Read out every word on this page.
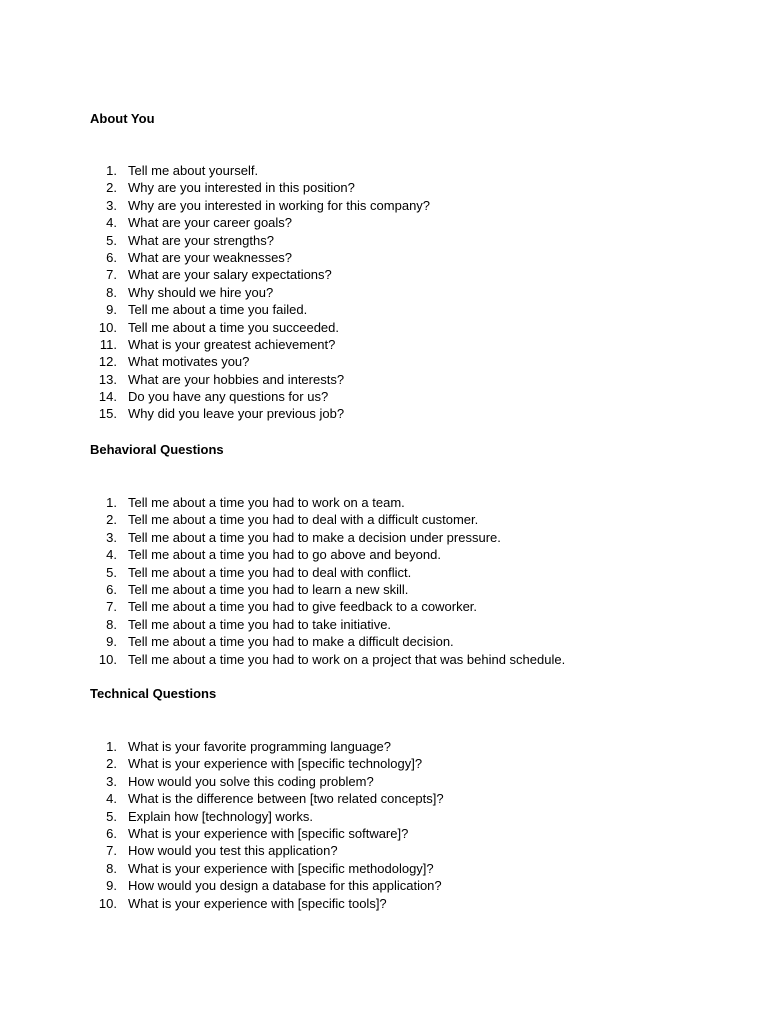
About You
1. Tell me about yourself.
2. Why are you interested in this position?
3. Why are you interested in working for this company?
4. What are your career goals?
5. What are your strengths?
6. What are your weaknesses?
7. What are your salary expectations?
8. Why should we hire you?
9. Tell me about a time you failed.
10. Tell me about a time you succeeded.
11. What is your greatest achievement?
12. What motivates you?
13. What are your hobbies and interests?
14. Do you have any questions for us?
15. Why did you leave your previous job?
Behavioral Questions
1. Tell me about a time you had to work on a team.
2. Tell me about a time you had to deal with a difficult customer.
3. Tell me about a time you had to make a decision under pressure.
4. Tell me about a time you had to go above and beyond.
5. Tell me about a time you had to deal with conflict.
6. Tell me about a time you had to learn a new skill.
7. Tell me about a time you had to give feedback to a coworker.
8. Tell me about a time you had to take initiative.
9. Tell me about a time you had to make a difficult decision.
10. Tell me about a time you had to work on a project that was behind schedule.
Technical Questions
1. What is your favorite programming language?
2. What is your experience with [specific technology]?
3. How would you solve this coding problem?
4. What is the difference between [two related concepts]?
5. Explain how [technology] works.
6. What is your experience with [specific software]?
7. How would you test this application?
8. What is your experience with [specific methodology]?
9. How would you design a database for this application?
10. What is your experience with [specific tools]?
